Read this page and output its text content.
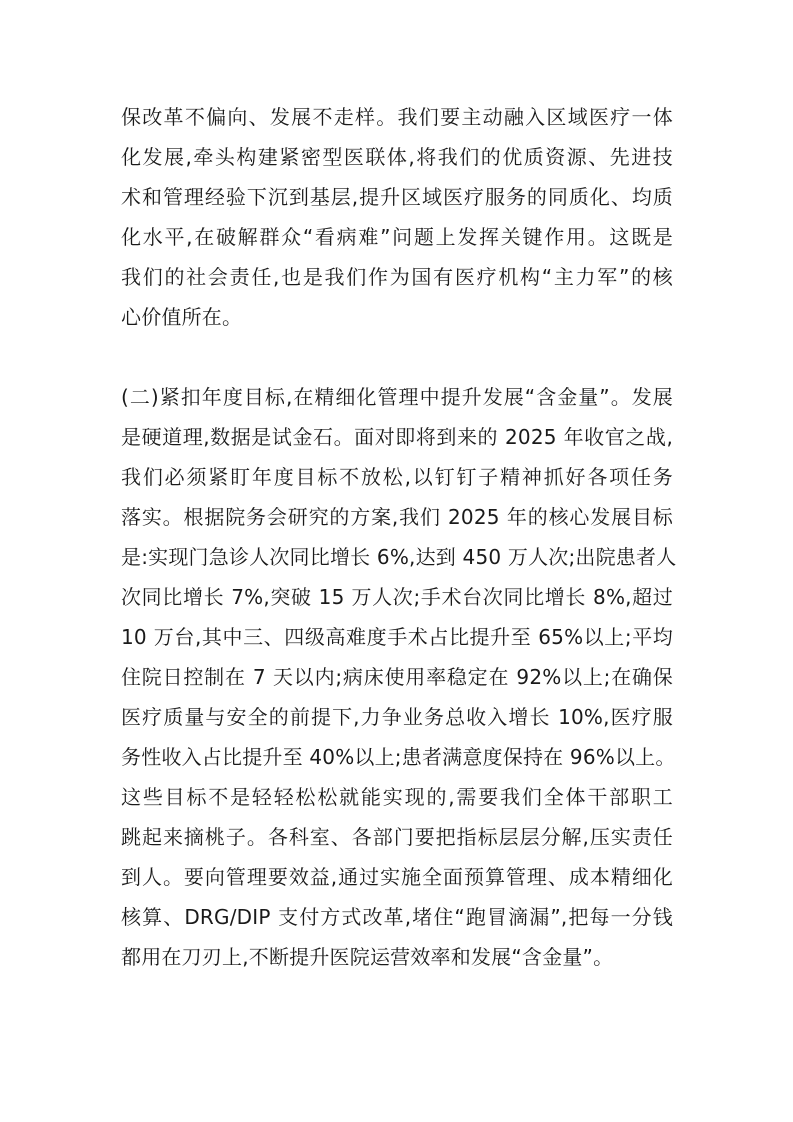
保改革不偏向、发展不走样。我们要主动融入区域医疗一体
化发展,牵头构建紧密型医联体,将我们的优质资源、先进技
术和管理经验下沉到基层,提升区域医疗服务的同质化、均质
化水平,在破解群众“看病难”问题上发挥关键作用。这既是
我们的社会责任,也是我们作为国有医疗机构“主力军”的核
心价值所在。
(二)紧扣年度目标,在精细化管理中提升发展“含金量”。发展
是硬道理,数据是试金石。面对即将到来的 2025 年收官之战,
我们必须紧盯年度目标不放松,以钉钉子精神抓好各项任务
落实。根据院务会研究的方案,我们 2025 年的核心发展目标
是:实现门急诊人次同比增长 6%,达到 450 万人次;出院患者人
次同比增长 7%,突破 15 万人次;手术台次同比增长 8%,超过
10 万台,其中三、四级高难度手术占比提升至 65%以上;平均
住院日控制在 7 天以内;病床使用率稳定在 92%以上;在确保
医疗质量与安全的前提下,力争业务总收入增长 10%,医疗服
务性收入占比提升至 40%以上;患者满意度保持在 96%以上。
这些目标不是轻轻松松就能实现的,需要我们全体干部职工
跳起来摘桃子。各科室、各部门要把指标层层分解,压实责任
到人。要向管理要效益,通过实施全面预算管理、成本精细化
核算、DRG/DIP 支付方式改革,堵住“跑冒滴漏”,把每一分钱
都用在刀刃上,不断提升医院运营效率和发展“含金量”。
